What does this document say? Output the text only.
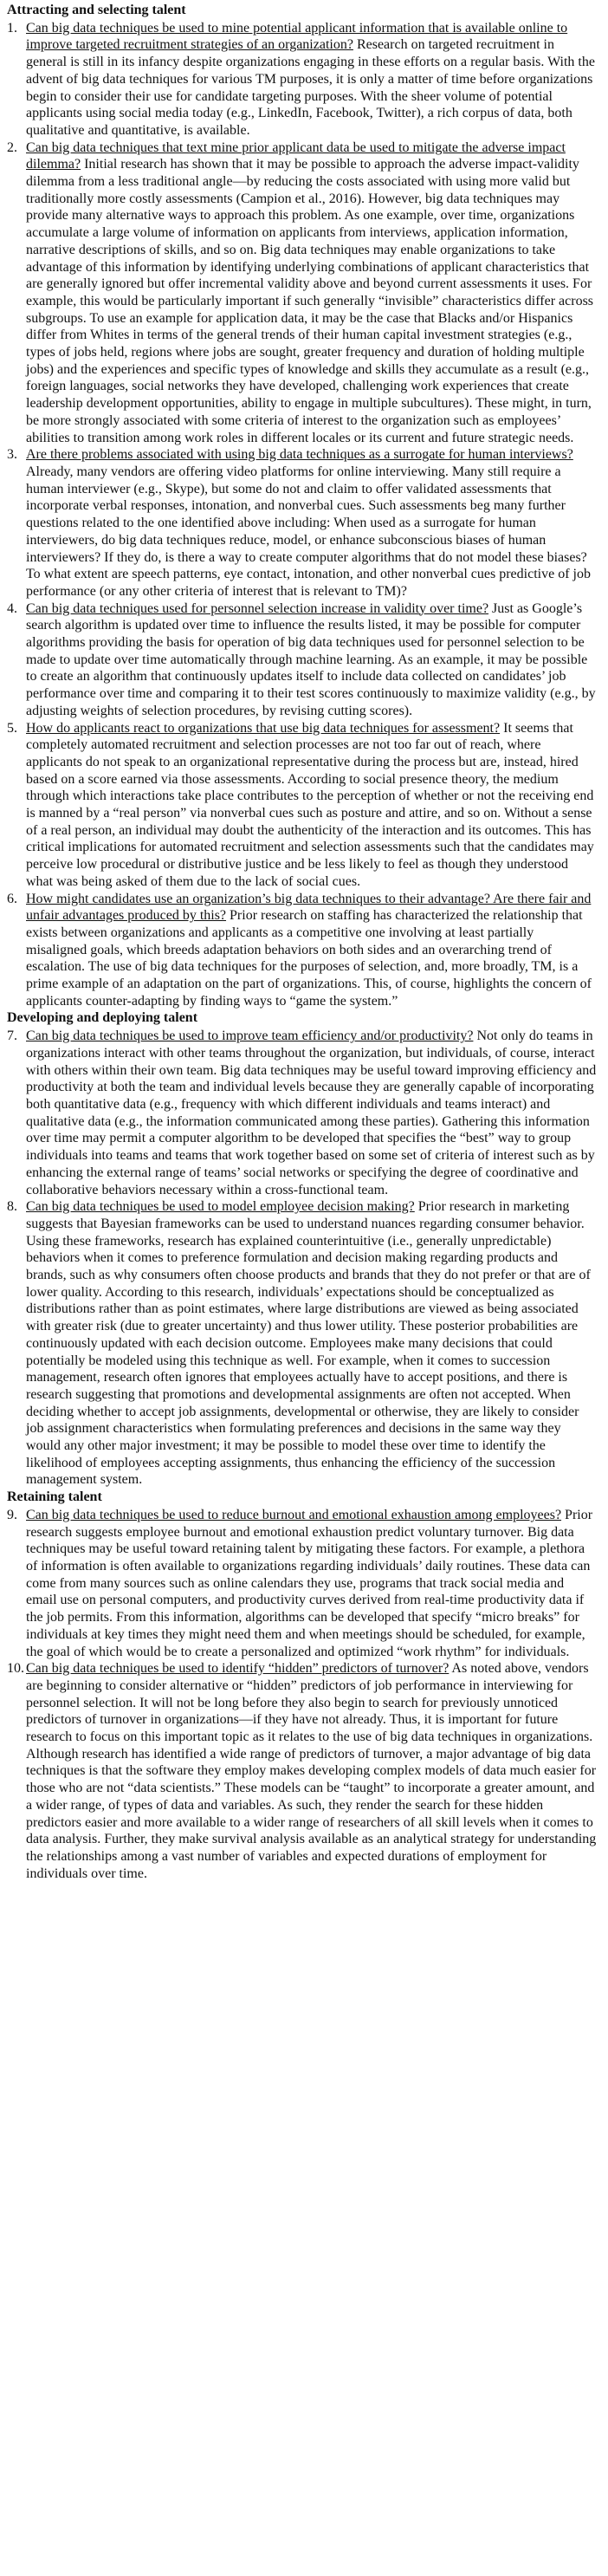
Attracting and selecting talent
1. Can big data techniques be used to mine potential applicant information that is available online to improve targeted recruitment strategies of an organization? Research on targeted recruitment in general is still in its infancy despite organizations engaging in these efforts on a regular basis. With the advent of big data techniques for various TM purposes, it is only a matter of time before organizations begin to consider their use for candidate targeting purposes. With the sheer volume of potential applicants using social media today (e.g., LinkedIn, Facebook, Twitter), a rich corpus of data, both qualitative and quantitative, is available.
2. Can big data techniques that text mine prior applicant data be used to mitigate the adverse impact dilemma? Initial research has shown that it may be possible to approach the adverse impact-validity dilemma from a less traditional angle—by reducing the costs associated with using more valid but traditionally more costly assessments (Campion et al., 2016). However, big data techniques may provide many alternative ways to approach this problem. As one example, over time, organizations accumulate a large volume of information on applicants from interviews, application information, narrative descriptions of skills, and so on. Big data techniques may enable organizations to take advantage of this information by identifying underlying combinations of applicant characteristics that are generally ignored but offer incremental validity above and beyond current assessments it uses. For example, this would be particularly important if such generally “invisible” characteristics differ across subgroups. To use an example for application data, it may be the case that Blacks and/or Hispanics differ from Whites in terms of the general trends of their human capital investment strategies (e.g., types of jobs held, regions where jobs are sought, greater frequency and duration of holding multiple jobs) and the experiences and specific types of knowledge and skills they accumulate as a result (e.g., foreign languages, social networks they have developed, challenging work experiences that create leadership development opportunities, ability to engage in multiple subcultures). These might, in turn, be more strongly associated with some criteria of interest to the organization such as employees’ abilities to transition among work roles in different locales or its current and future strategic needs.
3. Are there problems associated with using big data techniques as a surrogate for human interviews? Already, many vendors are offering video platforms for online interviewing. Many still require a human interviewer (e.g., Skype), but some do not and claim to offer validated assessments that incorporate verbal responses, intonation, and nonverbal cues. Such assessments beg many further questions related to the one identified above including: When used as a surrogate for human interviewers, do big data techniques reduce, model, or enhance subconscious biases of human interviewers? If they do, is there a way to create computer algorithms that do not model these biases? To what extent are speech patterns, eye contact, intonation, and other nonverbal cues predictive of job performance (or any other criteria of interest that is relevant to TM)?
4. Can big data techniques used for personnel selection increase in validity over time? Just as Google’s search algorithm is updated over time to influence the results listed, it may be possible for computer algorithms providing the basis for operation of big data techniques used for personnel selection to be made to update over time automatically through machine learning. As an example, it may be possible to create an algorithm that continuously updates itself to include data collected on candidates’ job performance over time and comparing it to their test scores continuously to maximize validity (e.g., by adjusting weights of selection procedures, by revising cutting scores).
5. How do applicants react to organizations that use big data techniques for assessment? It seems that completely automated recruitment and selection processes are not too far out of reach, where applicants do not speak to an organizational representative during the process but are, instead, hired based on a score earned via those assessments. According to social presence theory, the medium through which interactions take place contributes to the perception of whether or not the receiving end is manned by a “real person” via nonverbal cues such as posture and attire, and so on. Without a sense of a real person, an individual may doubt the authenticity of the interaction and its outcomes. This has critical implications for automated recruitment and selection assessments such that the candidates may perceive low procedural or distributive justice and be less likely to feel as though they understood what was being asked of them due to the lack of social cues.
6. How might candidates use an organization’s big data techniques to their advantage? Are there fair and unfair advantages produced by this? Prior research on staffing has characterized the relationship that exists between organizations and applicants as a competitive one involving at least partially misaligned goals, which breeds adaptation behaviors on both sides and an overarching trend of escalation. The use of big data techniques for the purposes of selection, and, more broadly, TM, is a prime example of an adaptation on the part of organizations. This, of course, highlights the concern of applicants counter-adapting by finding ways to “game the system.”
Developing and deploying talent
7. Can big data techniques be used to improve team efficiency and/or productivity? Not only do teams in organizations interact with other teams throughout the organization, but individuals, of course, interact with others within their own team. Big data techniques may be useful toward improving efficiency and productivity at both the team and individual levels because they are generally capable of incorporating both quantitative data (e.g., frequency with which different individuals and teams interact) and qualitative data (e.g., the information communicated among these parties). Gathering this information over time may permit a computer algorithm to be developed that specifies the “best” way to group individuals into teams and teams that work together based on some set of criteria of interest such as by enhancing the external range of teams’ social networks or specifying the degree of coordinative and collaborative behaviors necessary within a cross-functional team.
8. Can big data techniques be used to model employee decision making? Prior research in marketing suggests that Bayesian frameworks can be used to understand nuances regarding consumer behavior. Using these frameworks, research has explained counterintuitive (i.e., generally unpredictable) behaviors when it comes to preference formulation and decision making regarding products and brands, such as why consumers often choose products and brands that they do not prefer or that are of lower quality. According to this research, individuals’ expectations should be conceptualized as distributions rather than as point estimates, where large distributions are viewed as being associated with greater risk (due to greater uncertainty) and thus lower utility. These posterior probabilities are continuously updated with each decision outcome. Employees make many decisions that could potentially be modeled using this technique as well. For example, when it comes to succession management, research often ignores that employees actually have to accept positions, and there is research suggesting that promotions and developmental assignments are often not accepted. When deciding whether to accept job assignments, developmental or otherwise, they are likely to consider job assignment characteristics when formulating preferences and decisions in the same way they would any other major investment; it may be possible to model these over time to identify the likelihood of employees accepting assignments, thus enhancing the efficiency of the succession management system.
Retaining talent
9. Can big data techniques be used to reduce burnout and emotional exhaustion among employees? Prior research suggests employee burnout and emotional exhaustion predict voluntary turnover. Big data techniques may be useful toward retaining talent by mitigating these factors. For example, a plethora of information is often available to organizations regarding individuals’ daily routines. These data can come from many sources such as online calendars they use, programs that track social media and email use on personal computers, and productivity curves derived from real-time productivity data if the job permits. From this information, algorithms can be developed that specify “micro breaks” for individuals at key times they might need them and when meetings should be scheduled, for example, the goal of which would be to create a personalized and optimized “work rhythm” for individuals.
10. Can big data techniques be used to identify “hidden” predictors of turnover? As noted above, vendors are beginning to consider alternative or “hidden” predictors of job performance in interviewing for personnel selection. It will not be long before they also begin to search for previously unnoticed predictors of turnover in organizations—if they have not already. Thus, it is important for future research to focus on this important topic as it relates to the use of big data techniques in organizations. Although research has identified a wide range of predictors of turnover, a major advantage of big data techniques is that the software they employ makes developing complex models of data much easier for those who are not “data scientists.” These models can be “taught” to incorporate a greater amount, and a wider range, of types of data and variables. As such, they render the search for these hidden predictors easier and more available to a wider range of researchers of all skill levels when it comes to data analysis. Further, they make survival analysis available as an analytical strategy for understanding the relationships among a vast number of variables and expected durations of employment for individuals over time.
